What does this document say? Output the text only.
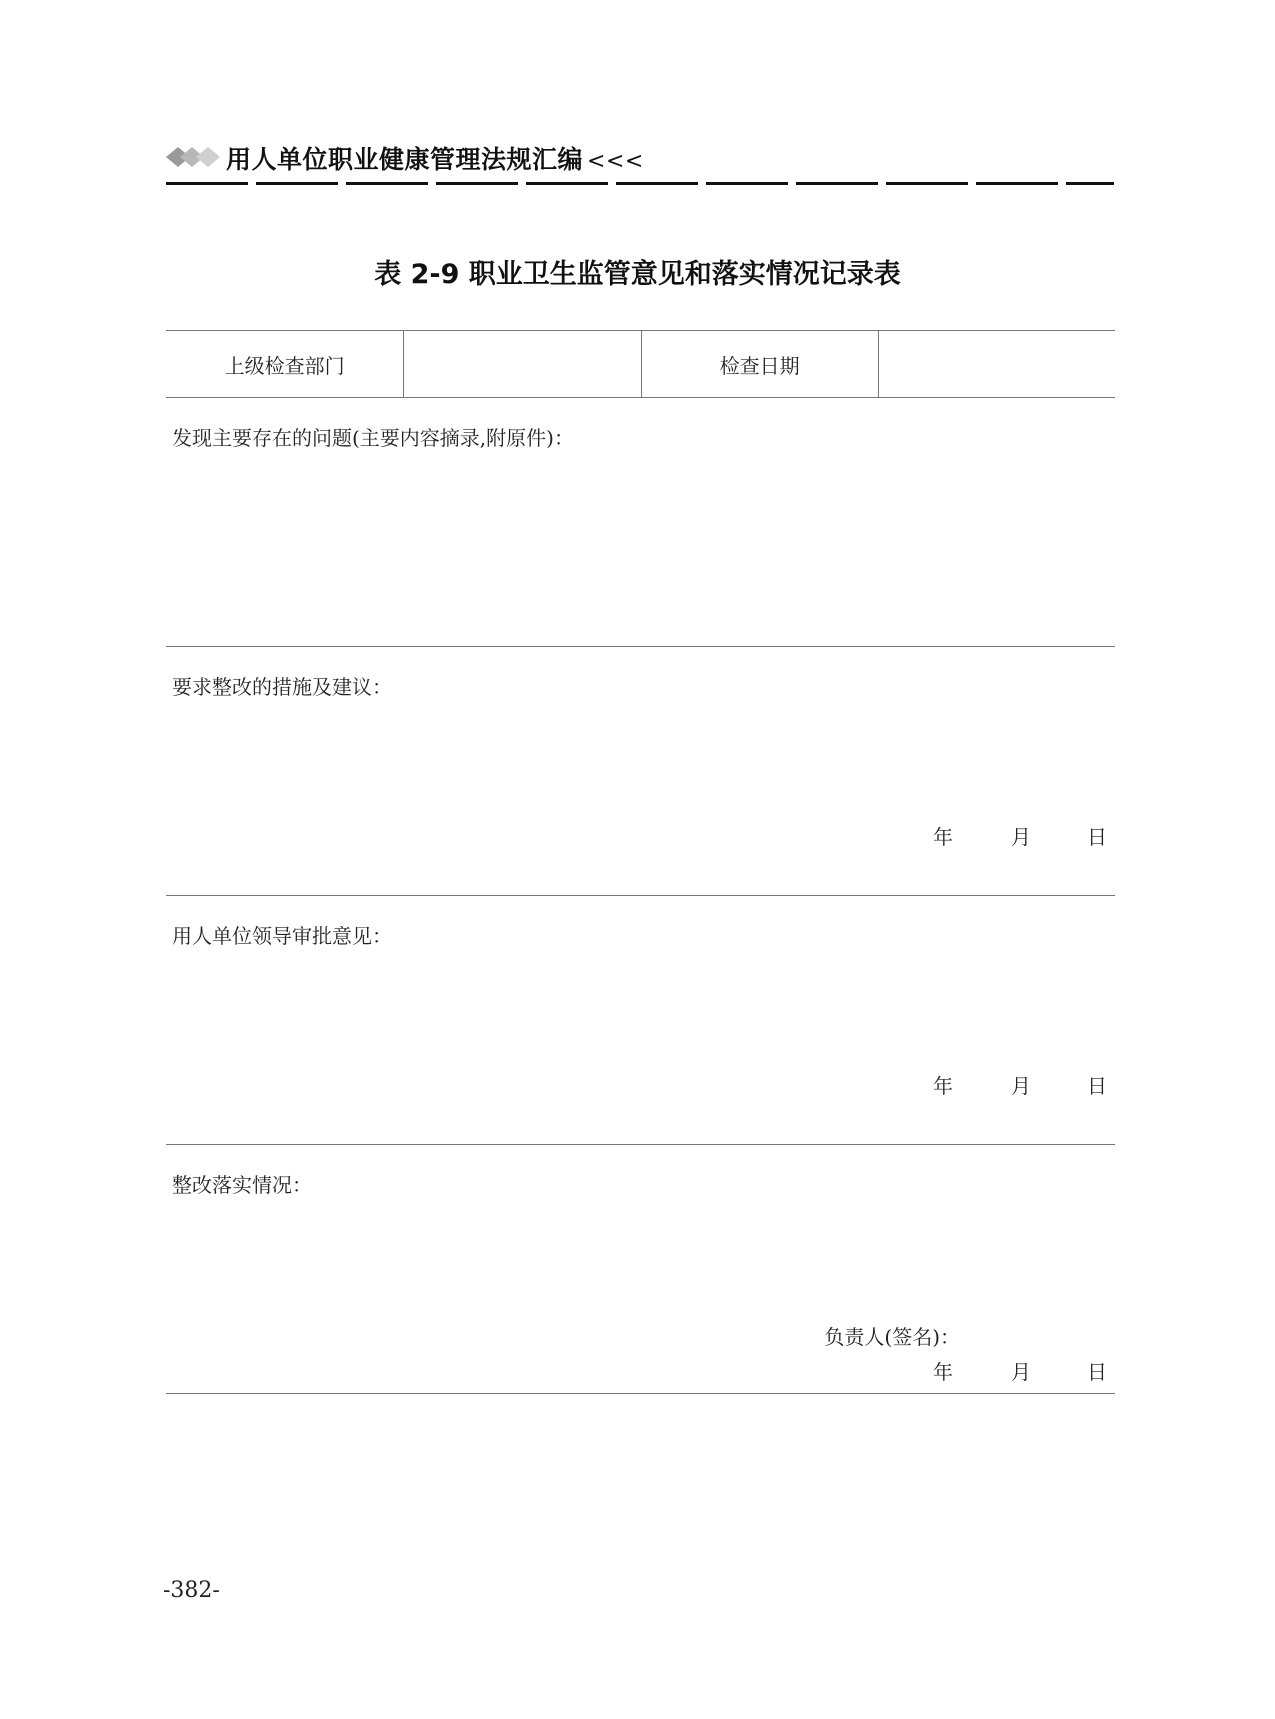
用人单位职业健康管理法规汇编 <<<
表 2-9 职业卫生监管意见和落实情况记录表
上级检查部门	检查日期
发现主要存在的问题(主要内容摘录,附原件)：
要求整改的措施及建议：
年	月	日
用人单位领导审批意见：
年	月	日
整改落实情况：
负责人(签名)：
年	月	日
-382-
